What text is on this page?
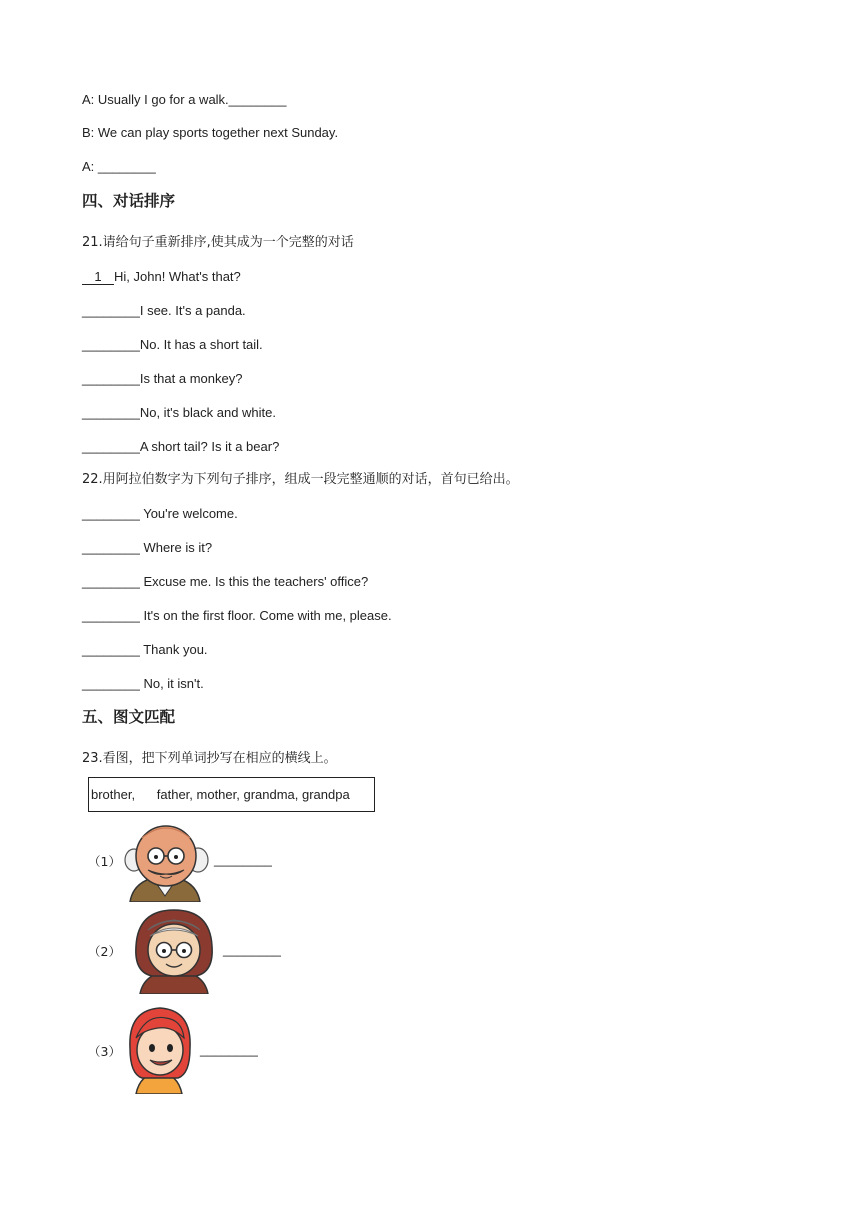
A: Usually I go for a walk.________
B: We can play sports together next Sunday.
A: ________
四、对话排序
21.请给句子重新排序,使其成为一个完整的对话
1 Hi, John! What's that?
________I see. It's a panda.
________No. It has a short tail.
________Is that a monkey?
________No, it's black and white.
________A short tail? Is it a bear?
22.用阿拉伯数字为下列句子排序，组成一段完整通顺的对话，首句已给出。
________ You're welcome.
________ Where is it?
________ Excuse me. Is this the teachers' office?
________ It's on the first floor. Come with me, please.
________ Thank you.
________ No, it isn't.
五、图文匹配
23.看图，把下列单词抄写在相应的横线上。
brother,      father, mother, grandma, grandpa
（1）	________
（2）	________
（3）	________
